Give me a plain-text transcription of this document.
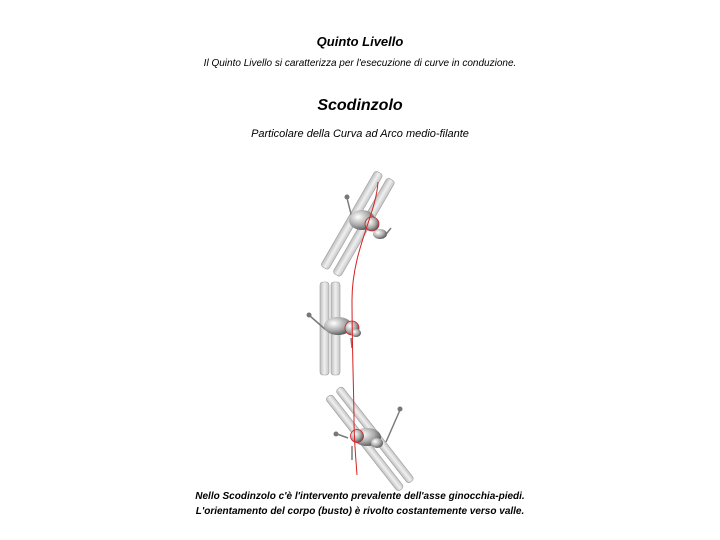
Quinto Livello
Il Quinto Livello si caratterizza per l'esecuzione di curve in conduzione.
Scodinzolo
Particolare della Curva ad Arco medio-filante
Nello Scodinzolo c'è l'intervento prevalente dell'asse ginocchia-piedi.
L'orientamento del corpo (busto) è rivolto costantemente verso valle.
